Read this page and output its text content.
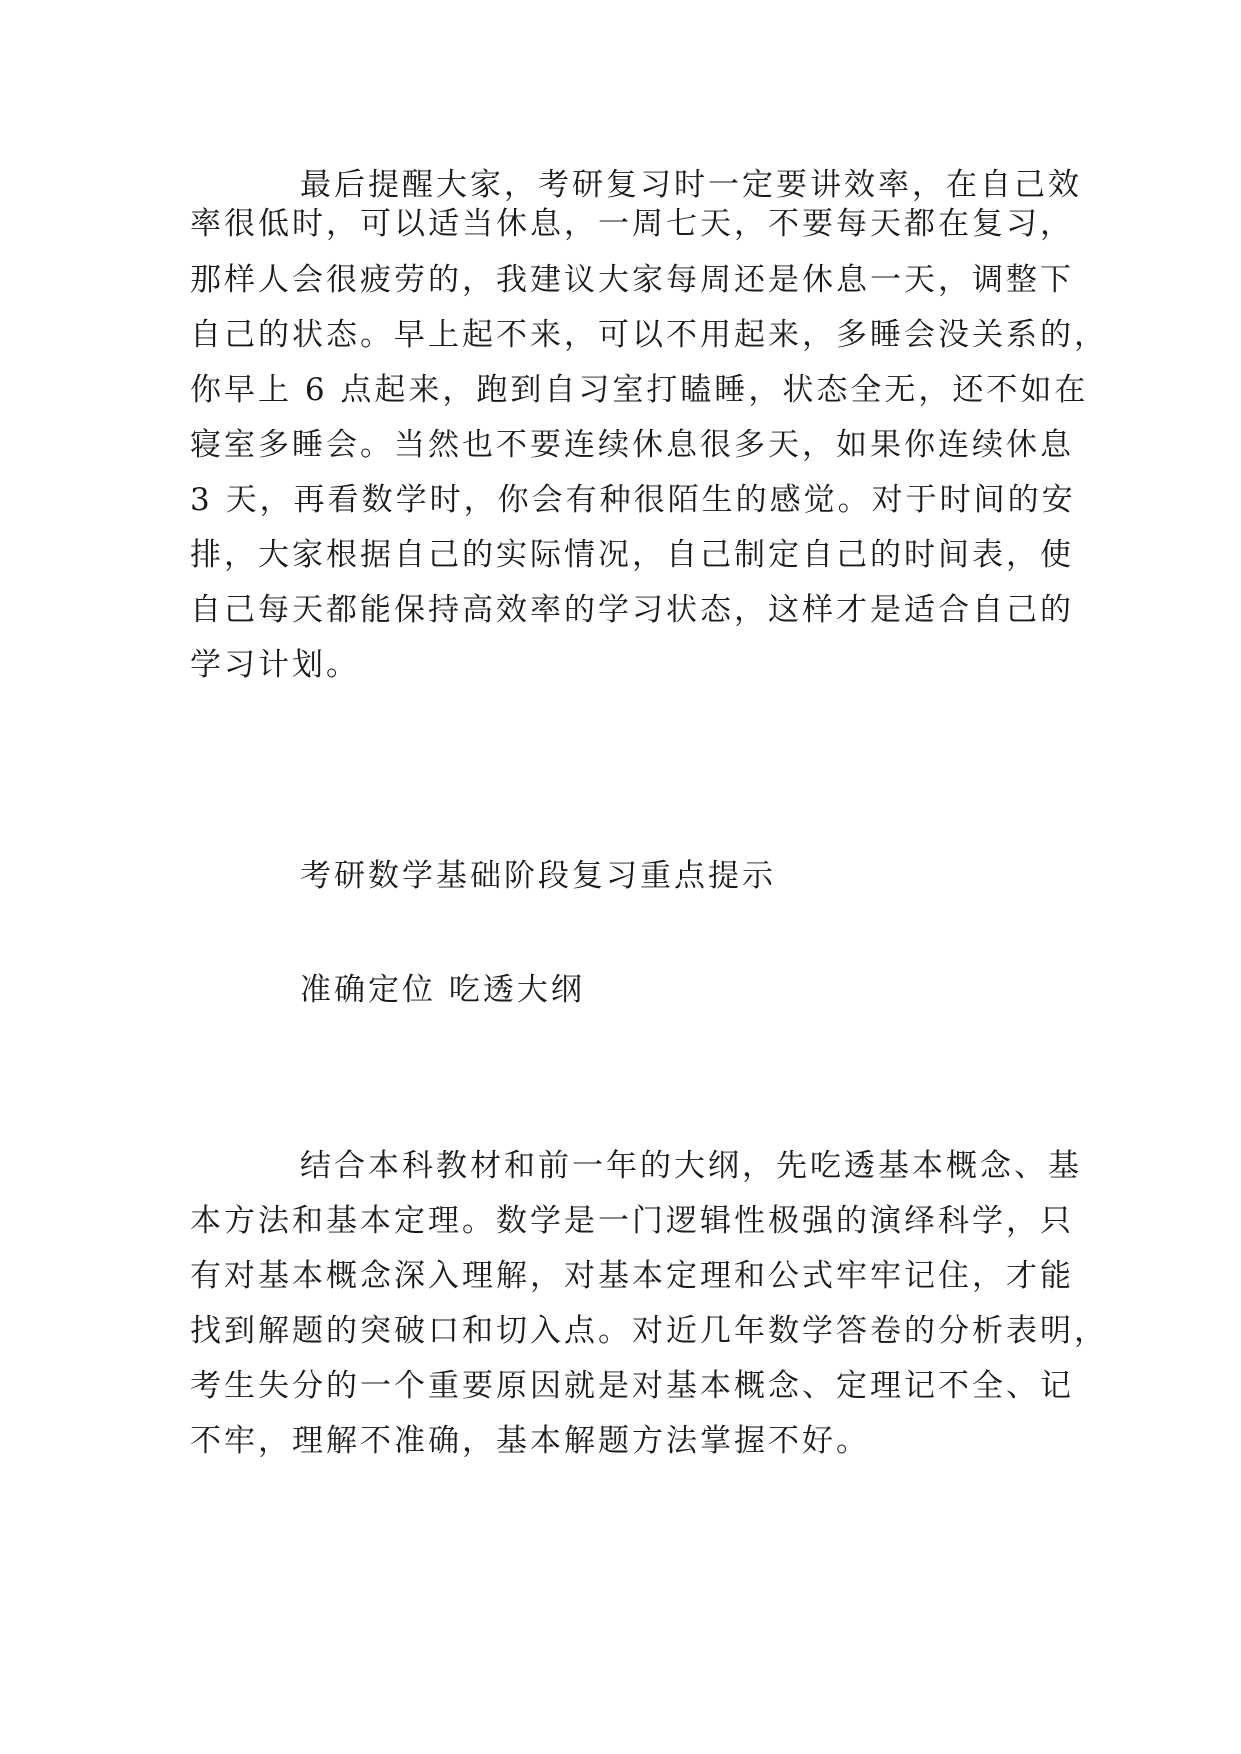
最后提醒大家，考研复习时一定要讲效率，在自己效
率很低时，可以适当休息，一周七天，不要每天都在复习，
那样人会很疲劳的，我建议大家每周还是休息一天，调整下
自己的状态。早上起不来，可以不用起来，多睡会没关系的，
你早上 6 点起来，跑到自习室打瞌睡，状态全无，还不如在
寝室多睡会。当然也不要连续休息很多天，如果你连续休息
3 天，再看数学时，你会有种很陌生的感觉。对于时间的安
排，大家根据自己的实际情况，自己制定自己的时间表，使
自己每天都能保持高效率的学习状态，这样才是适合自己的
学习计划。
考研数学基础阶段复习重点提示
准确定位 吃透大纲
结合本科教材和前一年的大纲，先吃透基本概念、基
本方法和基本定理。数学是一门逻辑性极强的演绎科学，只
有对基本概念深入理解，对基本定理和公式牢牢记住，才能
找到解题的突破口和切入点。对近几年数学答卷的分析表明，
考生失分的一个重要原因就是对基本概念、定理记不全、记
不牢，理解不准确，基本解题方法掌握不好。
